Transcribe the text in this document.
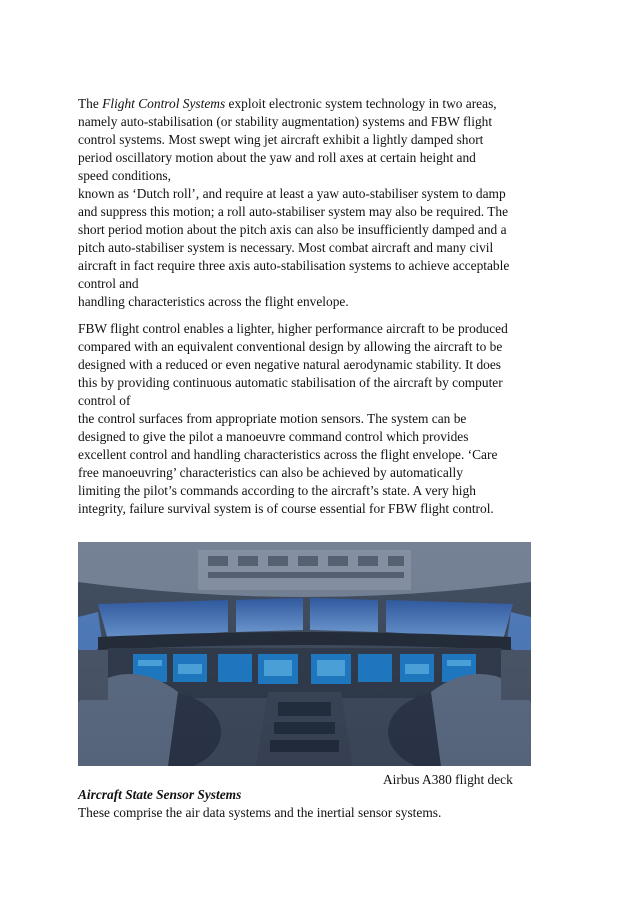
The Flight Control Systems exploit electronic system technology in two areas,
namely auto-stabilisation (or stability augmentation) systems and FBW flight
control systems. Most swept wing jet aircraft exhibit a lightly damped short
period oscillatory motion about the yaw and roll axes at certain height and
speed conditions,
known as ‘Dutch roll’, and require at least a yaw auto-stabiliser system to damp
and suppress this motion; a roll auto-stabiliser system may also be required. The
short period motion about the pitch axis can also be insufficiently damped and a
pitch auto-stabiliser system is necessary. Most combat aircraft and many civil
aircraft in fact require three axis auto-stabilisation systems to achieve acceptable
control and
handling characteristics across the flight envelope.
FBW flight control enables a lighter, higher performance aircraft to be produced
compared with an equivalent conventional design by allowing the aircraft to be
designed with a reduced or even negative natural aerodynamic stability. It does
this by providing continuous automatic stabilisation of the aircraft by computer
control of
the control surfaces from appropriate motion sensors. The system can be
designed to give the pilot a manoeuvre command control which provides
excellent control and handling characteristics across the flight envelope. ‘Care
free manoeuvring’ characteristics can also be achieved by automatically
limiting the pilot’s commands according to the aircraft’s state. A very high
integrity, failure survival system is of course essential for FBW flight control.
Airbus A380 flight deck
Aircraft State Sensor Systems
These comprise the air data systems and the inertial sensor systems.
